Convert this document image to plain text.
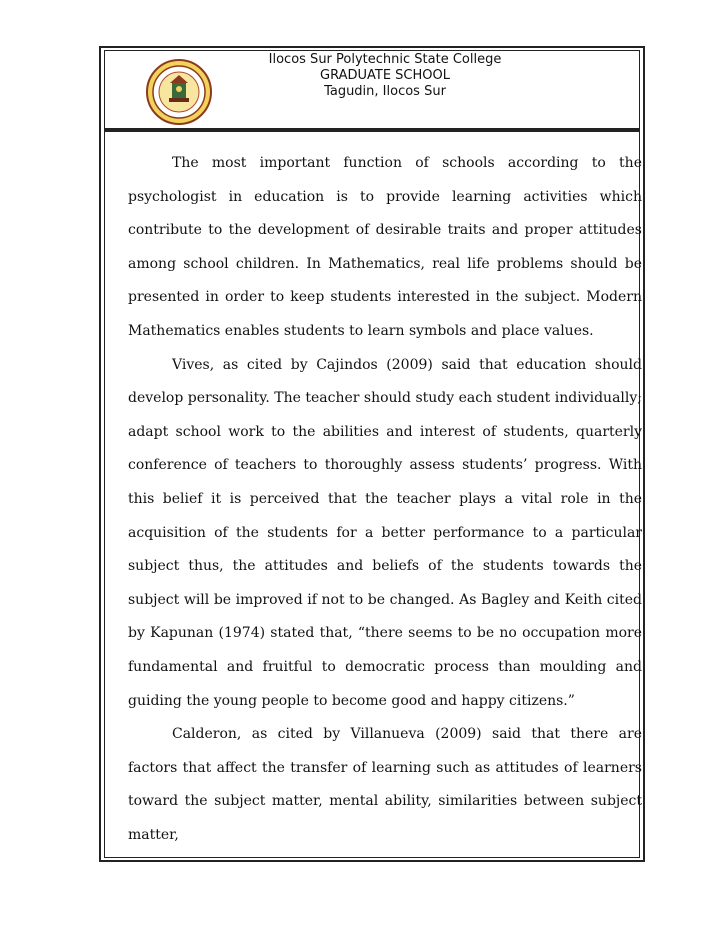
Ilocos Sur Polytechnic State College
GRADUATE SCHOOL
Tagudin, Ilocos Sur

The most important function of schools according to the psychologist in education is to provide learning activities which contribute to the development of desirable traits and proper attitudes among school children. In Mathematics, real life problems should be presented in order to keep students interested in the subject. Modern Mathematics enables students to learn symbols and place values.

Vives, as cited by Cajindos (2009) said that education should develop personality. The teacher should study each student individually; adapt school work to the abilities and interest of students, quarterly conference of teachers to thoroughly assess students’ progress. With this belief it is perceived that the teacher plays a vital role in the acquisition of the students for a better performance to a particular subject thus, the attitudes and beliefs of the students towards the subject will be improved if not to be changed. As Bagley and Keith cited by Kapunan (1974) stated that, “there seems to be no occupation more fundamental and fruitful to democratic process than moulding and guiding the young people to become good and happy citizens.”

Calderon, as cited by Villanueva (2009) said that there are factors that affect the transfer of learning such as attitudes of learners toward the subject matter, mental ability, similarities between subject matter,
